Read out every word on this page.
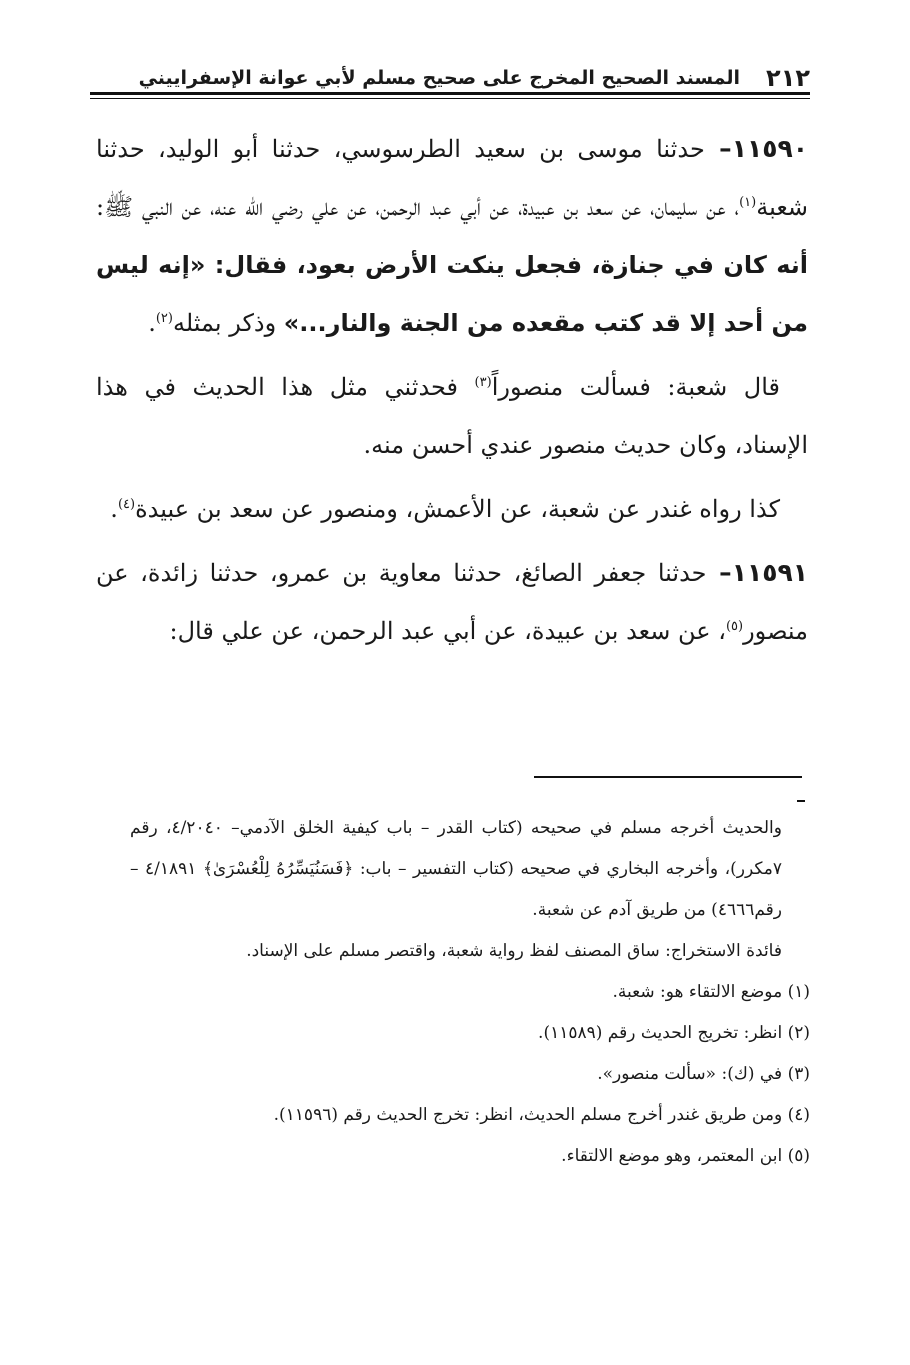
٢١٢
المسند الصحيح المخرج على صحيح مسلم لأبي عوانة الإسفراييني

١١٥٩٠– حدثنا موسى بن سعيد الطرسوسي، حدثنا أبو الوليد، حدثنا شعبة$^{(١)}$، عن سليمان، عن سعد بن عبيدة، عن أبي عبد الرحمن، عن علي رضي الله عنه، عن النبي ﷺ: أنه كان في جنازة، فجعل ينكت الأرض بعود، فقال: «إنه ليس من أحد إلا قد كتب مقعده من الجنة والنار...» وذكر بمثله$^{(٢)}$.

قال شعبة: فسألت منصوراً$^{(٣)}$ فحدثني مثل هذا الحديث في هذا الإسناد، وكان حديث منصور عندي أحسن منه.

كذا رواه غندر عن شعبة، عن الأعمش، ومنصور عن سعد بن عبيدة$^{(٤)}$.

١١٥٩١– حدثنا جعفر الصائغ، حدثنا معاوية بن عمرو، حدثنا زائدة، عن منصور$^{(٥)}$، عن سعد بن عبيدة، عن أبي عبد الرحمن، عن علي قال:

والحديث أخرجه مسلم في صحيحه (كتاب القدر – باب كيفية الخلق الآدمي– ٤/٢٠٤٠، رقم ٧مكرر)، وأخرجه البخاري في صحيحه (كتاب التفسير – باب: ﴿فَسَنُيَسِّرُهُ لِلْعُسْرَىٰ﴾ ٤/١٨٩١ – رقم٤٦٦٦) من طريق آدم عن شعبة.

فائدة الاستخراج: ساق المصنف لفظ رواية شعبة، واقتصر مسلم على الإسناد.

(١) موضع الالتقاء هو: شعبة.

(٢) انظر: تخريج الحديث رقم (١١٥٨٩).

(٣) في (ك): «سألت منصور».

(٤) ومن طريق غندر أخرج مسلم الحديث، انظر: تخرج الحديث رقم (١١٥٩٦).

(٥) ابن المعتمر، وهو موضع الالتقاء.
